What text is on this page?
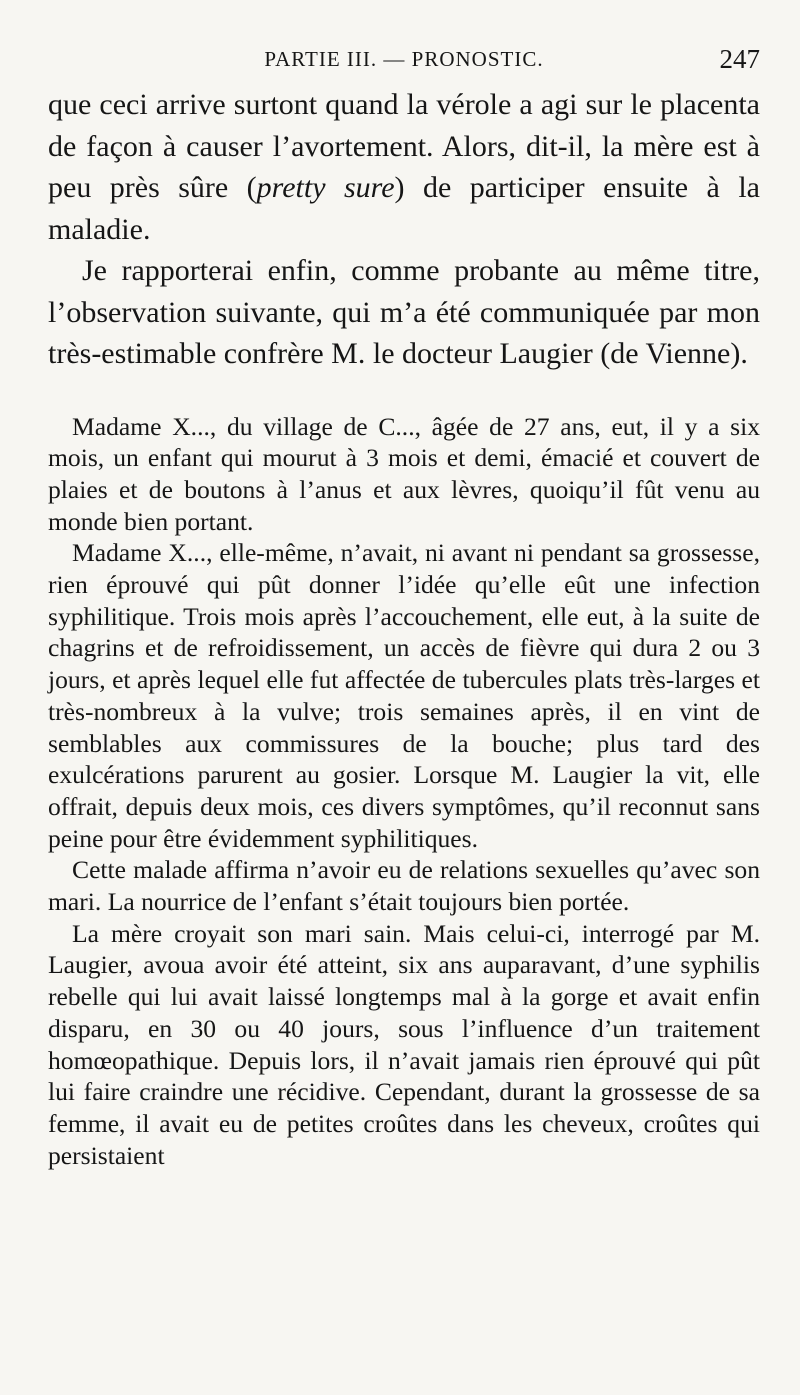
PARTIE III. — PRONOSTIC.	247

que ceci arrive surtont quand la vérole a agi sur le placenta de façon à causer l’avortement. Alors, dit-il, la mère est à peu près sûre (pretty sure) de participer ensuite à la maladie.

Je rapporterai enfin, comme probante au même titre, l’observation suivante, qui m’a été communiquée par mon très-estimable confrère M. le docteur Laugier (de Vienne).

Madame X..., du village de C..., âgée de 27 ans, eut, il y a six mois, un enfant qui mourut à 3 mois et demi, émacié et couvert de plaies et de boutons à l’anus et aux lèvres, quoiqu’il fût venu au monde bien portant.

Madame X..., elle-même, n’avait, ni avant ni pendant sa grossesse, rien éprouvé qui pût donner l’idée qu’elle eût une infection syphilitique. Trois mois après l’accouchement, elle eut, à la suite de chagrins et de refroidissement, un accès de fièvre qui dura 2 ou 3 jours, et après lequel elle fut affectée de tubercules plats très-larges et très-nombreux à la vulve; trois semaines après, il en vint de semblables aux commissures de la bouche; plus tard des exulcérations parurent au gosier. Lorsque M. Laugier la vit, elle offrait, depuis deux mois, ces divers symptômes, qu’il reconnut sans peine pour être évidemment syphilitiques.

Cette malade affirma n’avoir eu de relations sexuelles qu’avec son mari. La nourrice de l’enfant s’était toujours bien portée.

La mère croyait son mari sain. Mais celui-ci, interrogé par M. Laugier, avoua avoir été atteint, six ans auparavant, d’une syphilis rebelle qui lui avait laissé longtemps mal à la gorge et avait enfin disparu, en 30 ou 40 jours, sous l’influence d’un traitement homœopathique. Depuis lors, il n’avait jamais rien éprouvé qui pût lui faire craindre une récidive. Cependant, durant la grossesse de sa femme, il avait eu de petites croûtes dans les cheveux, croûtes qui persistaient
